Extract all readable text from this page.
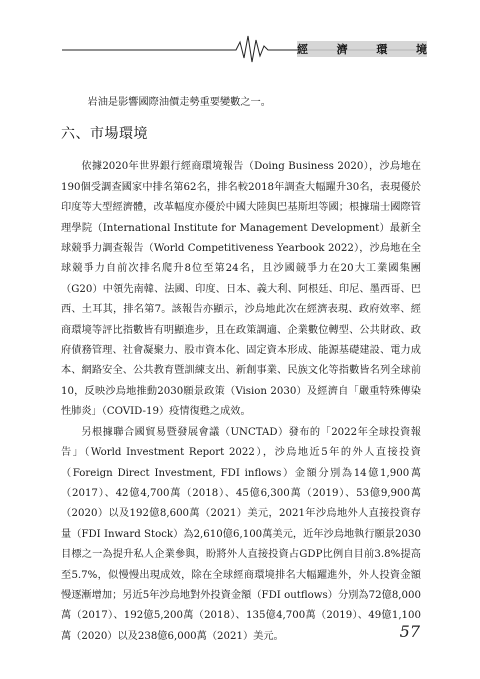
經	濟	環	境

岩油是影響國際油價走勢重要變數之一。

六、市場環境

依據2020年世界銀行經商環境報告（Doing Business 2020），沙烏地在190個受調查國家中排名第62名，排名較2018年調查大幅躍升30名，表現優於印度等大型經濟體，改革幅度亦優於中國大陸與巴基斯坦等國；根據瑞士國際管理學院（International Institute for Management Development）最新全球競爭力調查報告（World Competitiveness Yearbook 2022），沙烏地在全球競爭力自前次排名爬升8位至第24名，且沙國競爭力在20大工業國集團（G20）中領先南韓、法國、印度、日本、義大利、阿根廷、印尼、墨西哥、巴西、土耳其，排名第7。該報告亦顯示，沙烏地此次在經濟表現、政府效率、經商環境等評比指數皆有明顯進步，且在政策調適、企業數位轉型、公共財政、政府債務管理、社會凝聚力、股市資本化、固定資本形成、能源基礎建設、電力成本、網路安全、公共教育暨訓練支出、新創事業、民族文化等指數皆名列全球前10，反映沙烏地推動2030願景政策（Vision 2030）及經濟自「嚴重特殊傳染性肺炎」（COVID-19）疫情復甦之成效。

另根據聯合國貿易暨發展會議（UNCTAD）發布的「2022年全球投資報告」（World Investment Report 2022），沙烏地近5年的外人直接投資（Foreign Direct Investment, FDI inflows）金額分別為14億1,900萬（2017）、42億4,700萬（2018）、45億6,300萬（2019）、53億9,900萬（2020）以及192億8,600萬（2021）美元，2021年沙烏地外人直接投資存量（FDI Inward Stock）為2,610億6,100萬美元，近年沙烏地執行願景2030目標之一為提升私人企業參與，盼將外人直接投資占GDP比例自目前3.8%提高至5.7%，似慢慢出現成效，除在全球經商環境排名大幅躍進外，外人投資金額慢逐漸增加；另近5年沙烏地對外投資金額（FDI outflows）分別為72億8,000萬（2017）、192億5,200萬（2018）、135億4,700萬（2019）、49億1,100萬（2020）以及238億6,000萬（2021）美元。	57
